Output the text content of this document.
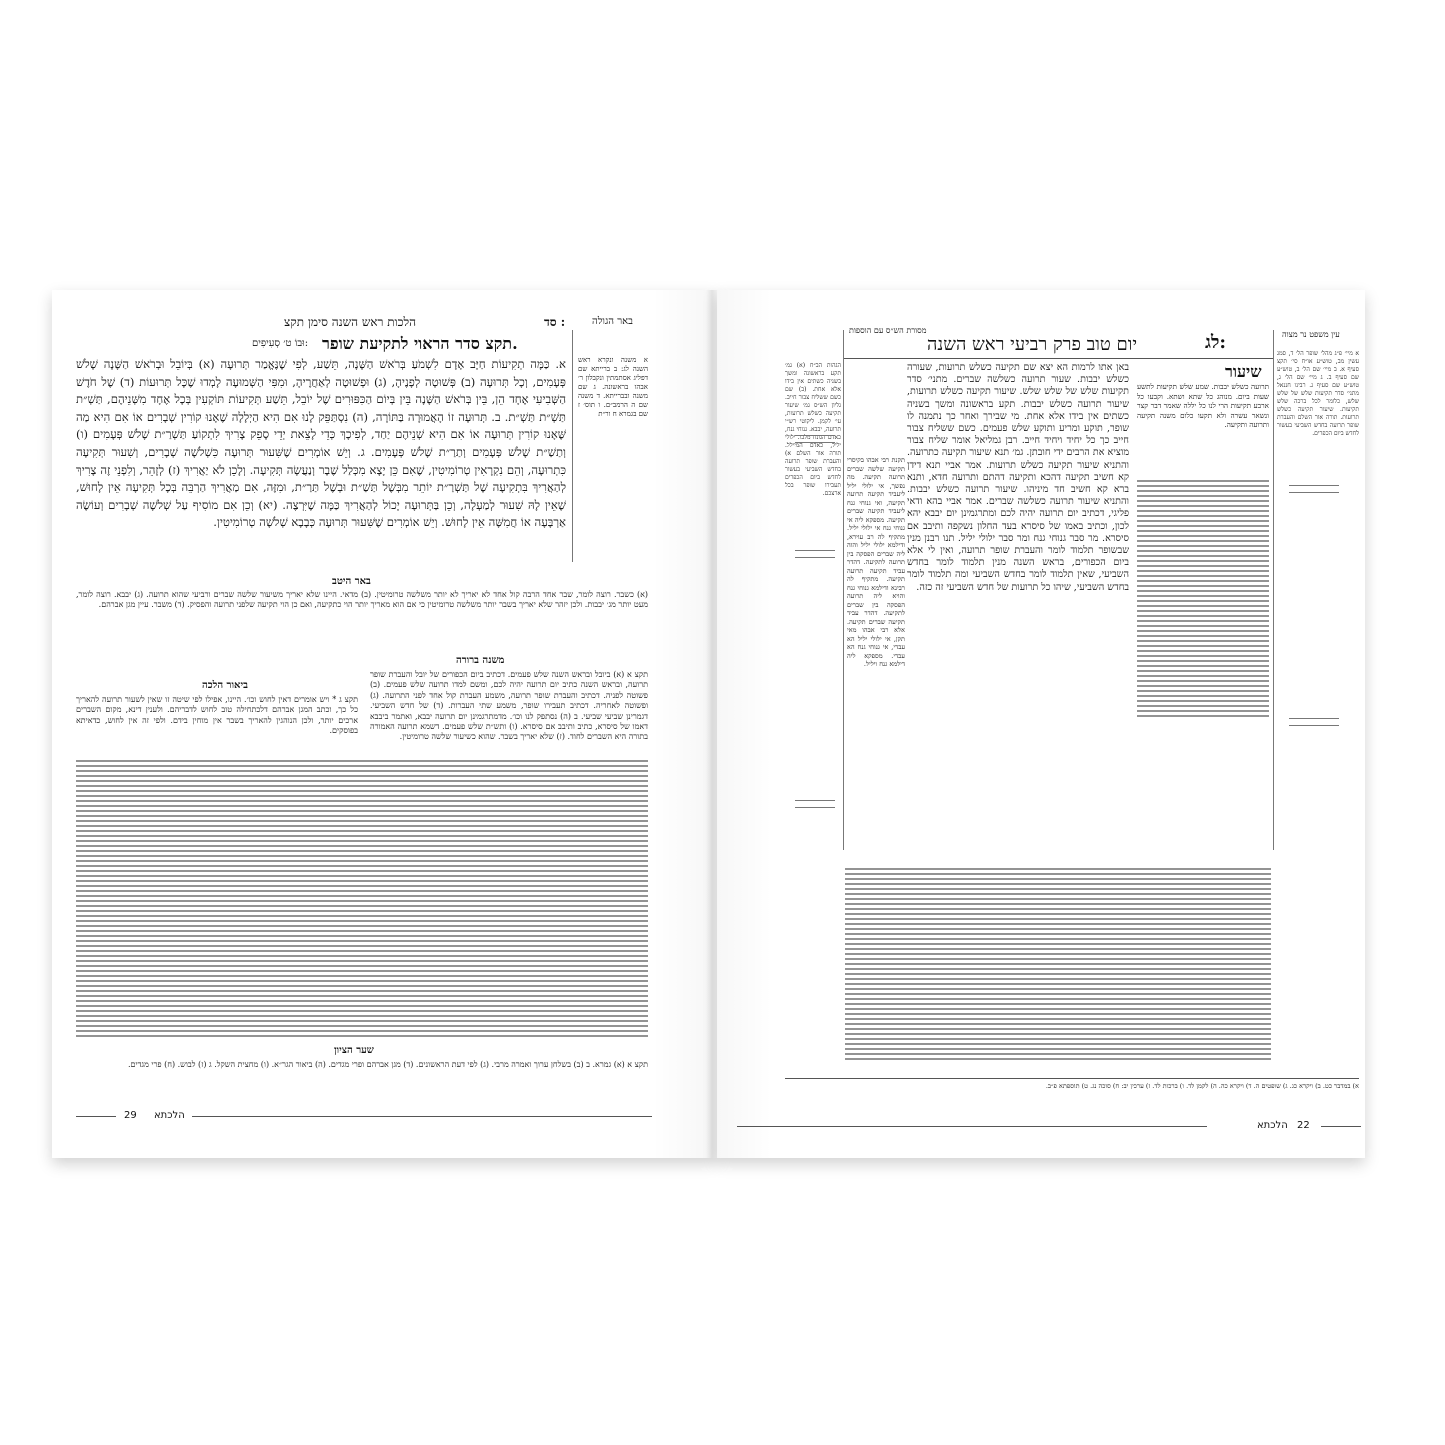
הלכות ראש השנה סימן תקצ	סד :	באר הגולה
תקצ סדר הראוי לתקיעת שופר.
וּבוֹ ט׳ סְעִיפִים:
א. כַּמָּה תְקִיעוֹת חַיָּב אָדָם לִשְׁמֹעַ בְּרֹאשׁ הַשָּׁנָה, תֵּשַׁע, לְפִי שֶׁנֶּאֱמַר תְּרוּעָה (א) בְּיוֹבֵל וּבְרֹאשׁ הַשָּׁנָה שָׁלֹשׁ פְּעָמִים, וְכָל תְּרוּעָה (ב) פְּשׁוּטָה לְפָנֶיהָ, (ג) וּפְשׁוּטָה לְאַחֲרֶיהָ, וּמִפִּי הַשְּׁמוּעָה לָמְדוּ שֶׁכָּל תְּרוּעוֹת (ד) שֶׁל חֹדֶשׁ הַשְּׁבִיעִי אֶחָד הֵן, בֵּין בְּרֹאשׁ הַשָּׁנָה בֵּין בְּיוֹם הַכִּפּוּרִים שֶׁל יוֹבֵל, תֵּשַׁע תְּקִיעוֹת תּוֹקְעִין בְּכָל אֶחָד מִשְּׁנֵיהֶם, תַּשְׁ״ת תַּשְׁ״ת תַּשְׁ״ת. ב. תְּרוּעָה זוֹ הָאֲמוּרָה בַּתּוֹרָה, (ה) נִסְתַּפֵּק לָנוּ אִם הִיא הַיְלָלָה שֶׁאָנוּ קוֹרִין שְׁבָרִים אוֹ אִם הִיא מַה שֶּׁאָנוּ קוֹרִין תְּרוּעָה אוֹ אִם הִיא שְׁנֵיהֶם יַחַד, לְפִיכָךְ כְּדֵי לָצֵאת יְדֵי סָפֵק צָרִיךְ לִתְקוֹעַ תַּשְׁרַ״ת שָׁלֹשׁ פְּעָמִים (ו) וְתַשַׁ״ת שָׁלֹשׁ פְּעָמִים וְתַרַ״ת שָׁלֹשׁ פְּעָמִים. ג. וְיֵשׁ אוֹמְרִים שֶׁשִּׁעוּר תְּרוּעָה כִּשְׁלֹשָׁה שְׁבָרִים, וְשִׁעוּר תְּקִיעָה כִּתְרוּעָה, וְהֵם נִקְרָאִין טְרוֹמִיטִין, שֶׁאִם כֵּן יָצָא מִכְּלַל שֶׁבֶר וְנַעֲשָׂה תְּקִיעָה. וְלָכֵן לֹא יַאֲרִיךְ (ז) לְזָהֵר, וְלִפְנֵי זֶה צָרִיךְ לְהַאֲרִיךְ בִּתְקִיעָה שֶׁל תַּשְׁרַ״ת יוֹתֵר מִבְּשֶׁל תַּשַׁ״ת וּבְשֶׁל תַּרַ״ת, וּמִזֶּה, אִם מַאֲרִיךְ הַרְבֵּה בְּכָל תְּקִיעָה אֵין לָחוּשׁ, שֶׁאֵין לָהּ שִׁעוּר לְמַעְלָה, וְכֵן בַּתְּרוּעָה יָכוֹל לְהַאֲרִיךְ כַּמָּה שֶׁיִּרְצֶה. (יא) וְכֵן אִם מוֹסִיף עַל שְׁלֹשָׁה שְׁבָרִים וְעוֹשֶׂה אַרְבָּעָה אוֹ חֲמִשָּׁה אֵין לָחוּשׁ. וְיֵשׁ אוֹמְרִים שֶׁשִּׁעוּר תְּרוּעָה כְּבָבָא שְׁלֹשָׁה טְרוֹמִיטִין.
א משנה ונקרא ראש השנה לג: ב ברייתא שם דפליג אסתמתין ונקבלון ר׳ אבהו בראשונה. ג שם משנה ובברייתא. ד משנה שם ה הרמב״ם. ו תוס׳ ז שם בגמרא ח ור״ת
באר היטב
(א) כשבר. רוצה לומר, שבר אחד הרבה קול אחד לא יאריך לא יותר משלשה טרומיטין. (ב) מדאי. היינו שלא יאריך משיעור שלשה שברים ורביעי שהוא תרועה. (ג) יבבא. רוצה לומר, מעט יותר מג׳ יבבות. ולכן יזהר שלא יאריך בשבר יותר משלשה טרומיטין כי אם הוא מאריך יותר הוי כתקיעה, ואם כן הוי תקיעה שלפני תרועה והפסיק. (ד) משבר. עיין מגן אברהם.
משנה ברורה
תקצ א (א) ביובל ובראש השנה שלש פעמים. דכתיב ביום הכפורים של יובל והעברת שופר תרועה, ובראש השנה כתיב יום תרועה יהיה לכם, ומשם למדו תרועה שלש פעמים. (ב) פשוטה לפניה. דכתיב והעברת שופר תרועה, משמע העברת קול אחד לפני התרועה. (ג) ופשוטה לאחריה. דכתיב תעבירו שופר, משמע שתי העברות. (ד) של חדש השביעי. דגמרינן שביעי שביעי. ב (ה) נסתפק לנו וכו׳. מדמתרגמינן יום תרועה יבבא, ואתמר ביבבא דאמו של סיסרא, כתיב ותיבב אם סיסרא. (ו) ותש״ת שלש פעמים. דשמא תרועה האמורה בתורה היא השברים לחוד. (ז) שלא יאריך בשבר. שהוא כשיעור שלשה טרומיטין.
ביאור הלכה
תקצ ג * ויש אומרים דאין לחוש וכו׳. היינו, אפילו לפי שיטה זו שאין לשעור תרועה להאריך כל כך, וכתב המגן אברהם דלכתחילה טוב לחוש לדבריהם. ולענין דינא, מקום השברים ארכים יותר, ולכן הנוהגין להאריך בשבר אין מוחין בידם. ולפי זה אין לחוש, כדאיתא בפוסקים.
שער הציון
תקצ א (א) גמרא. ב (ב) בשלחן ערוך ואמרה מרבי. (ג) לפי דעת הראשונים. (ד) מגן אברהם ופרי מגדים. (ה) ביאור הגר״א. (ו) מחצית השקל. ג (ז) לבוש. (ח) פרי מגדים.
29 הלכתא
מסורת הש״ס עם הוספות
יום טוב פרק רביעי ראש השנה	לג:	עין משפט נר מצוה
הגהות הב״ח (א) גמ׳ תקע בראשונה ומשך בשניה כשתים אין בידו אלא אחת. (ב) שם כשם ששליח צבור חייב. גליון הש״ס גמ׳ שיעור תקיעה כשלש תרועות, עי׳ לקמן. ליקוטי רש״י תרועה, יבבא. גנוחי גנח, כאדם הגונח מלבו. ילולי יליל, כאדם המיילל. תורה אור השלם א) והעברת שופר תרועה בחדש השביעי בעשור לחדש ביום הכפרים תעבירו שופר בכל ארצכם.
א מיי׳ פ״ג מהל׳ שופר הל׳ ד, סמג עשין מב, טוש״ע או״ח סי׳ תקצ סעיף א. ב מיי׳ שם הל׳ ב, טוש״ע שם סעיף ב. ג מיי׳ שם הל׳ ג, טוש״ע שם סעיף ג. רבינו חננאל מתני׳ סדר תקיעות שלש של שלש שלש, כלומר לכל ברכה שלש תקיעות. שיעור תקיעה כשלש תרועות. תורה אור השלם והעברת שופר תרועה בחדש השביעי בעשור לחדש ביום הכפרים.
שיעור
תרועה כשלש יבבות. שמע שלש תקיעות לתשע שעות ביום. מנוהג כל שתא ושתא. וקבעו כל ארבע תקיעות הרי לנו כל יללה שאמר דבר קצר ונשאר עשרה ולא תקעו כלום משנה תקיעה ותרועה ותקיעה.
באן אתו לרמות הא יצא שם תקיעה כשלש תרועות, שעורה כשלש יבבות. שעור תרועה כשלשה שברים. מתני׳ סדר תקיעות שלש של שלש שלש. שיעור תקיעה כשלש תרועות, שיעור תרועה כשלש יבבות. תקע בראשונה ומשך בשניה כשתים אין בידו אלא אחת. מי שבירך ואחר כך נתמנה לו שופר, תוקע ומריע ותוקע שלש פעמים. כשם ששליח צבור חייב כך כל יחיד ויחיד חייב. רבן גמליאל אומר שליח צבור מוציא את הרבים ידי חובתן. גמ׳ תנא שיעור תקיעה כתרועה. והתניא שיעור תקיעה כשלש תרועות. אמר אביי תנא דידן קא חשיב תקיעה דהכא ותקיעה דהתם ותרועה חדא, ותנא ברא קא חשיב חד מיניהו. שיעור תרועה כשלש יבבות. והתניא שיעור תרועה כשלשה שברים. אמר אביי בהא ודאי פליגי, דכתיב יום תרועה יהיה לכם ומתרגמינן יום יבבא יהא לכון, וכתיב באמו של סיסרא בעד החלון נשקפה ותיבב אם סיסרא. מר סבר גנוחי גנח ומר סבר ילולי יליל. תנו רבנן מנין שבשופר תלמוד לומר והעברת שופר תרועה, ואין לי אלא ביום הכפורים, בראש השנה מנין תלמוד לומר בחדש השביעי, שאין תלמוד לומר בחדש השביעי ומה תלמוד לומר בחדש השביעי, שיהו כל תרועות של חדש השביעי זה כזה.
תקנת רבי אבהו בקיסרי תקיעה שלשה שברים תרועה תקיעה. מה נפשך, אי ילולי יליל ליעביד תקיעה תרועה תקיעה, ואי גנוחי גנח ליעביד תקיעה שברים תקיעה. מספקא ליה אי גנוחי גנח אי ילולי יליל. מתקיף לה רב עוירא, ודילמא ילולי יליל והוה ליה שברים הפסקה בין תרועה לתקיעה. דהדר עביד תקיעה תרועה תקיעה. מתקיף לה רבינא ודילמא גנוחי גנח והויא ליה תרועה הפסקה בין שברים לתקיעה. דהדר עביד תקיעה שברים תקיעה. אלא רבי אבהו מאי תקן, אי ילולי יליל הא עבדי, אי גנוחי גנח הא עבדי. מספקא ליה דילמא גנח ויליל.
א) במדבר כט. ב) ויקרא כג. ג) שופטים ה. ד) ויקרא כה. ה) לקמן לד. ו) ברכות לד. ז) ערכין יב: ח) סוכה נג. ט) תוספתא פ״ב.
הלכתא 22
